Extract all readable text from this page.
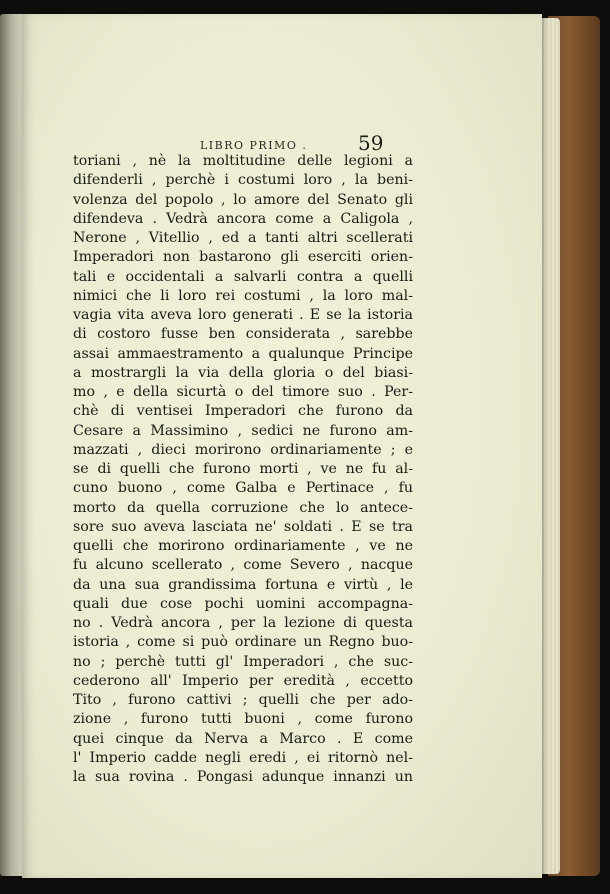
LIBRO PRIMO .	59
toriani , nè la moltitudine delle legioni a
difenderli , perchè i costumi loro , la beni-
volenza del popolo , lo amore del Senato gli
difendeva . Vedrà ancora come a Caligola ,
Nerone , Vitellio , ed a tanti altri scellerati
Imperadori non bastarono gli eserciti orien-
tali e occidentali a salvarli contra a quelli
nimici che li loro rei costumi , la loro mal-
vagia vita aveva loro generati . E se la istoria
di costoro fusse ben considerata , sarebbe
assai ammaestramento a qualunque Principe
a mostrargli la via della gloria o del biasi-
mo , e della sicurtà o del timore suo . Per-
chè di ventisei Imperadori che furono da
Cesare a Massimino , sedici ne furono am-
mazzati , dieci morirono ordinariamente ; e
se di quelli che furono morti , ve ne fu al-
cuno buono , come Galba e Pertinace , fu
morto da quella corruzione che lo antece-
sore suo aveva lasciata ne' soldati . E se tra
quelli che morirono ordinariamente , ve ne
fu alcuno scellerato , come Severo , nacque
da una sua grandissima fortuna e virtù , le
quali due cose pochi uomini accompagna-
no . Vedrà ancora , per la lezione di questa
istoria , come si può ordinare un Regno buo-
no ; perchè tutti gl' Imperadori , che suc-
cederono all' Imperio per eredità , eccetto
Tito , furono cattivi ; quelli che per ado-
zione , furono tutti buoni , come furono
quei cinque da Nerva a Marco . E come
l' Imperio cadde negli eredi , ei ritornò nel-
la sua rovina . Pongasi adunque innanzi un
